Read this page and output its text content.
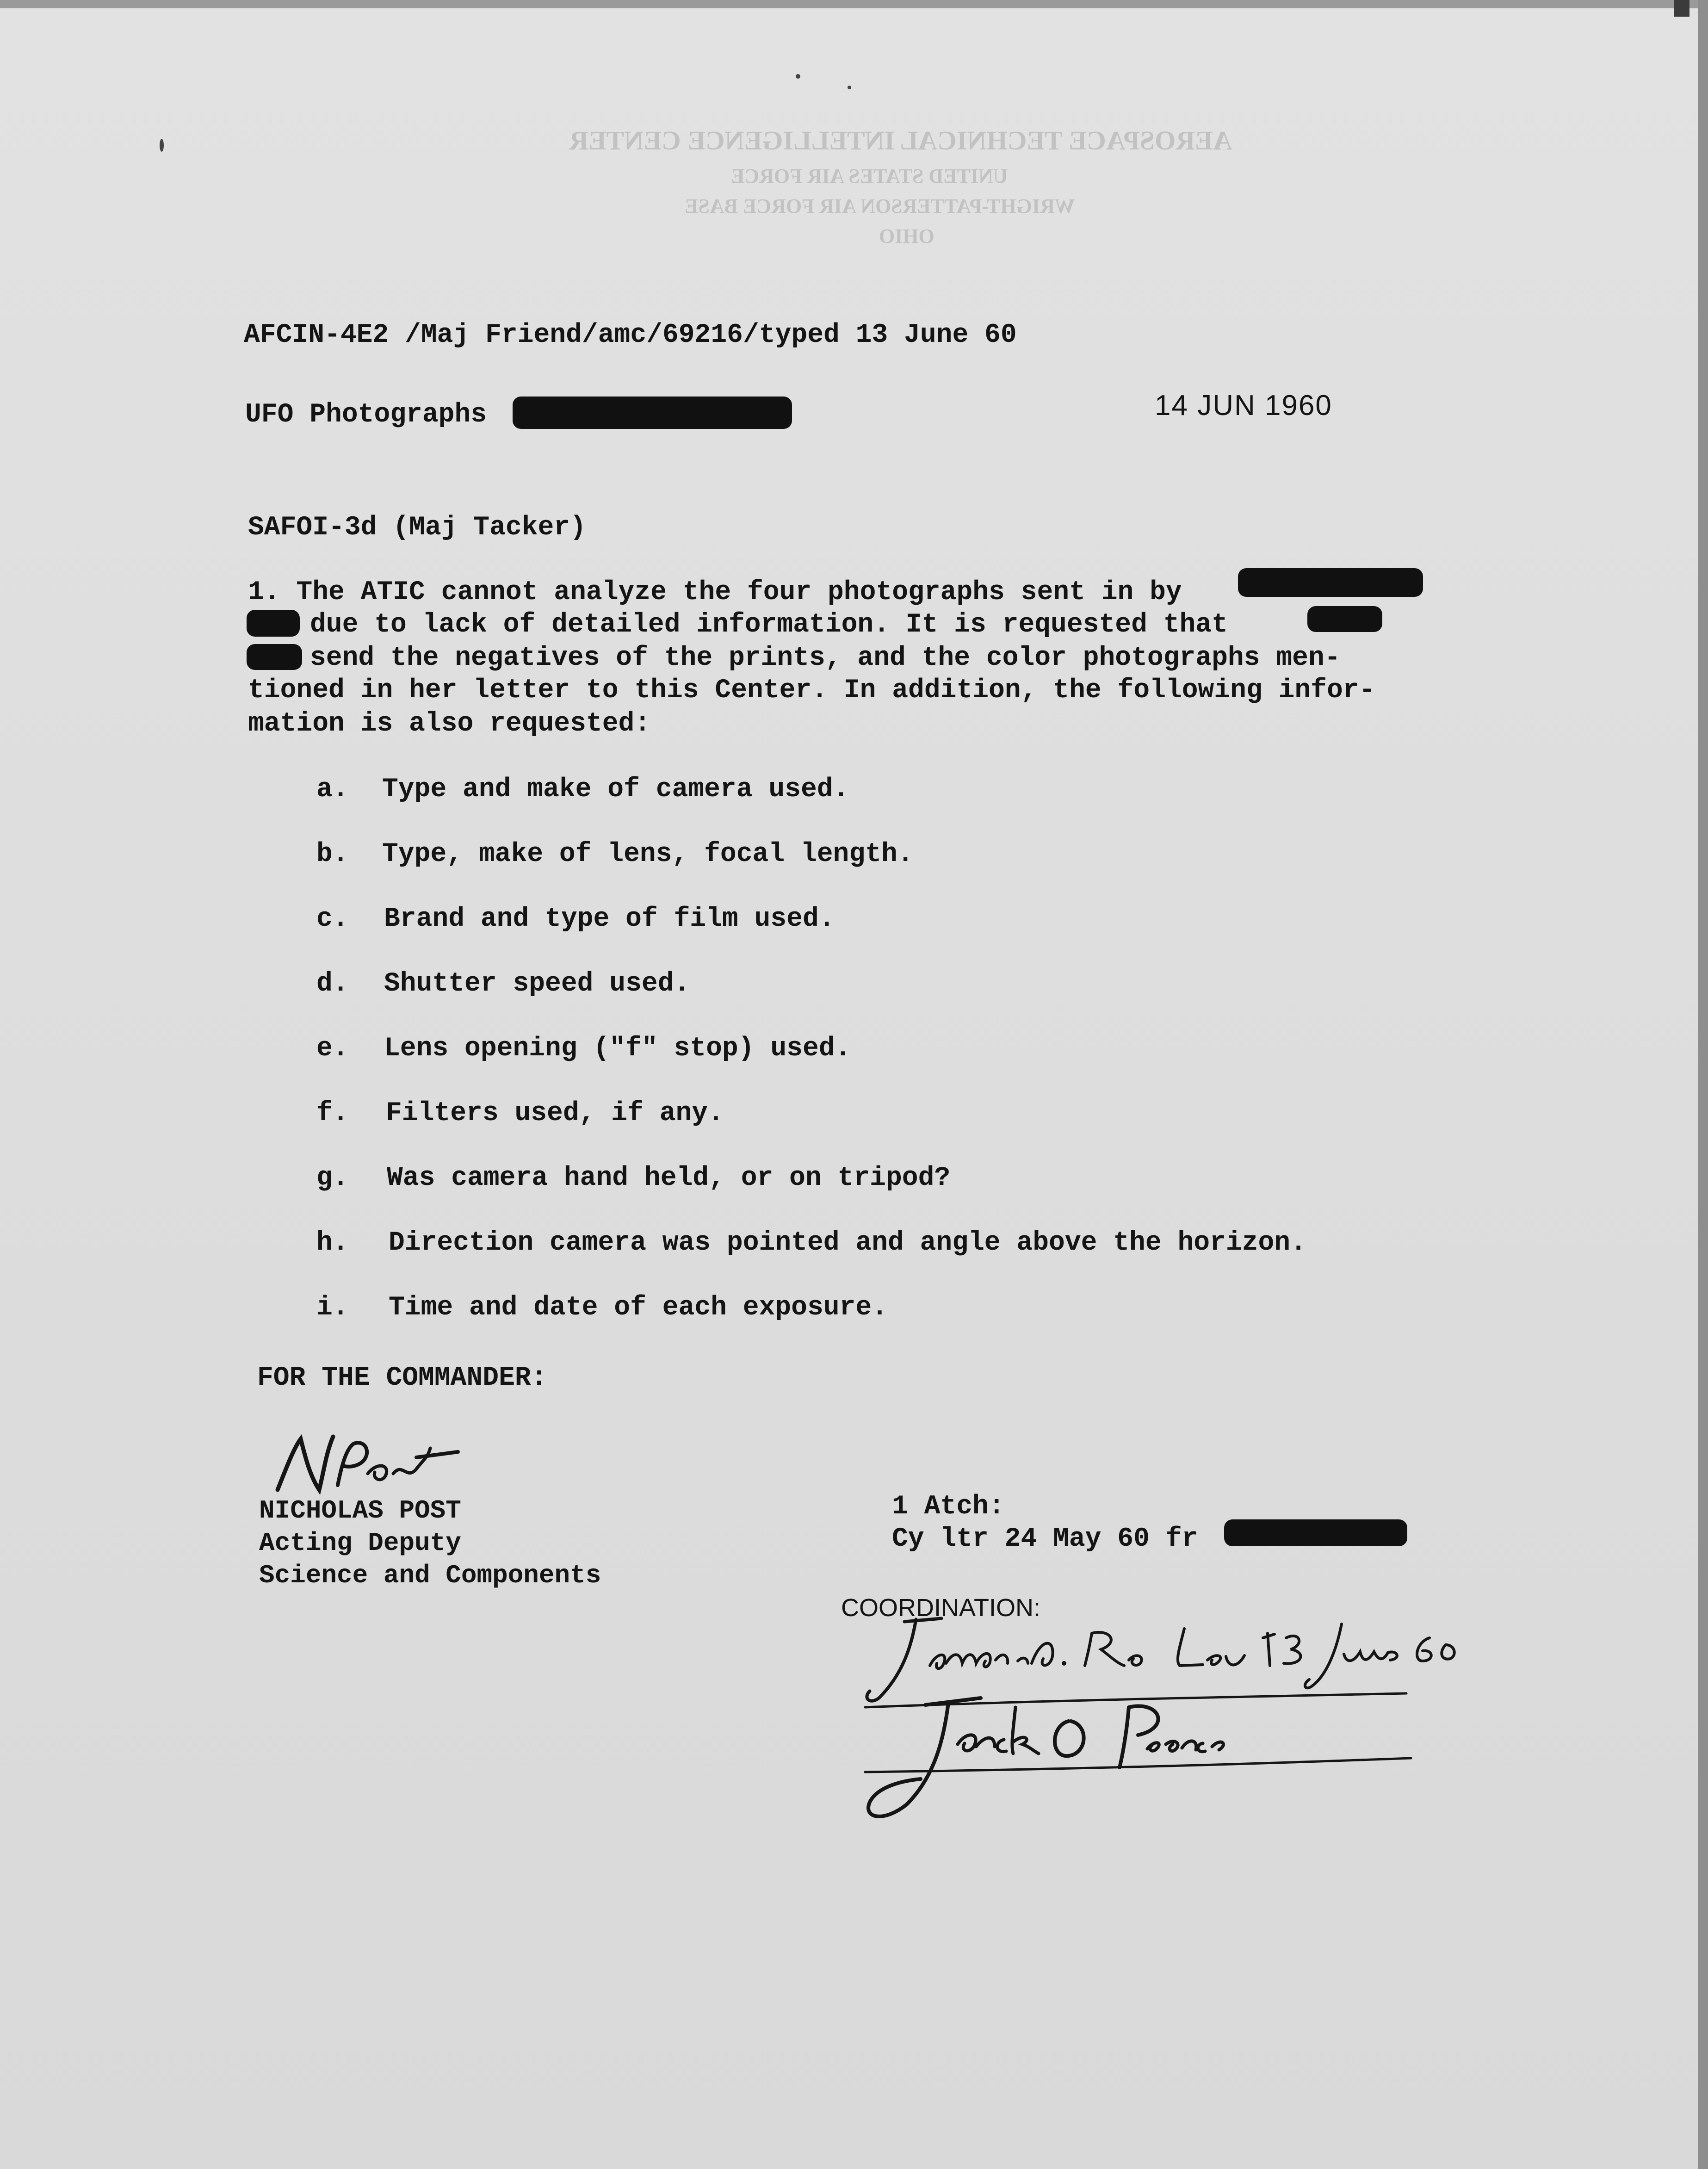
AEROSPACE TECHNICAL INTELLIGENCE CENTER
UNITED STATES AIR FORCE
WRIGHT-PATTERSON AIR FORCE BASE
OHIO
AFCIN-4E2 /Maj Friend/amc/69216/typed 13 June 60
UFO Photographs	14 JUN 1960
SAFOI-3d (Maj Tacker)
1. The ATIC cannot analyze the four photographs sent in by
due to lack of detailed information. It is requested that
send the negatives of the prints, and the color photographs men-
tioned in her letter to this Center. In addition, the following infor-
mation is also requested:
a. Type and make of camera used.
b. Type, make of lens, focal length.
c. Brand and type of film used.
d. Shutter speed used.
e. Lens opening ("f" stop) used.
f. Filters used, if any.
g. Was camera hand held, or on tripod?
h. Direction camera was pointed and angle above the horizon.
i. Time and date of each exposure.
FOR THE COMMANDER:
NICHOLAS POST
Acting Deputy
Science and Components
1 Atch:
Cy ltr 24 May 60 fr
COORDINATION:
